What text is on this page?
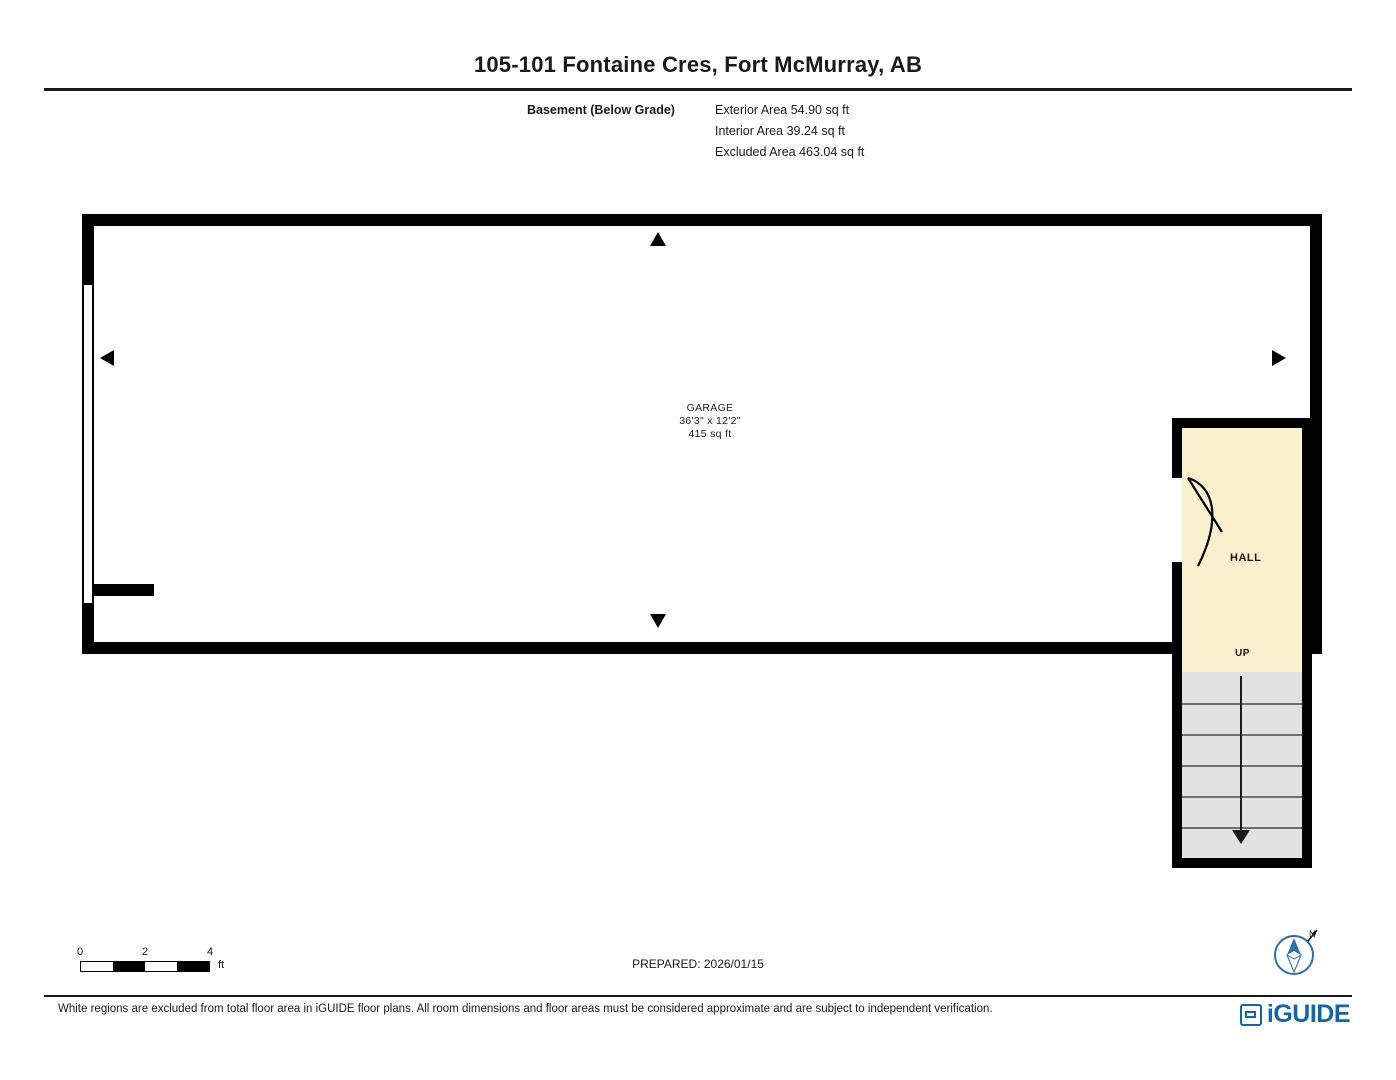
105-101 Fontaine Cres, Fort McMurray, AB
Basement (Below Grade)	Exterior Area 54.90 sq ft
Interior Area 39.24 sq ft
Excluded Area 463.04 sq ft
HALL
UP
GARAGE
36'3" x 12'2"
415 sq ft
0	2	4
ft	PREPARED: 2026/01/15
N
White regions are excluded from total floor area in iGUIDE floor plans. All room dimensions and floor areas must be considered approximate and are subject to independent verification.	iGUIDE
